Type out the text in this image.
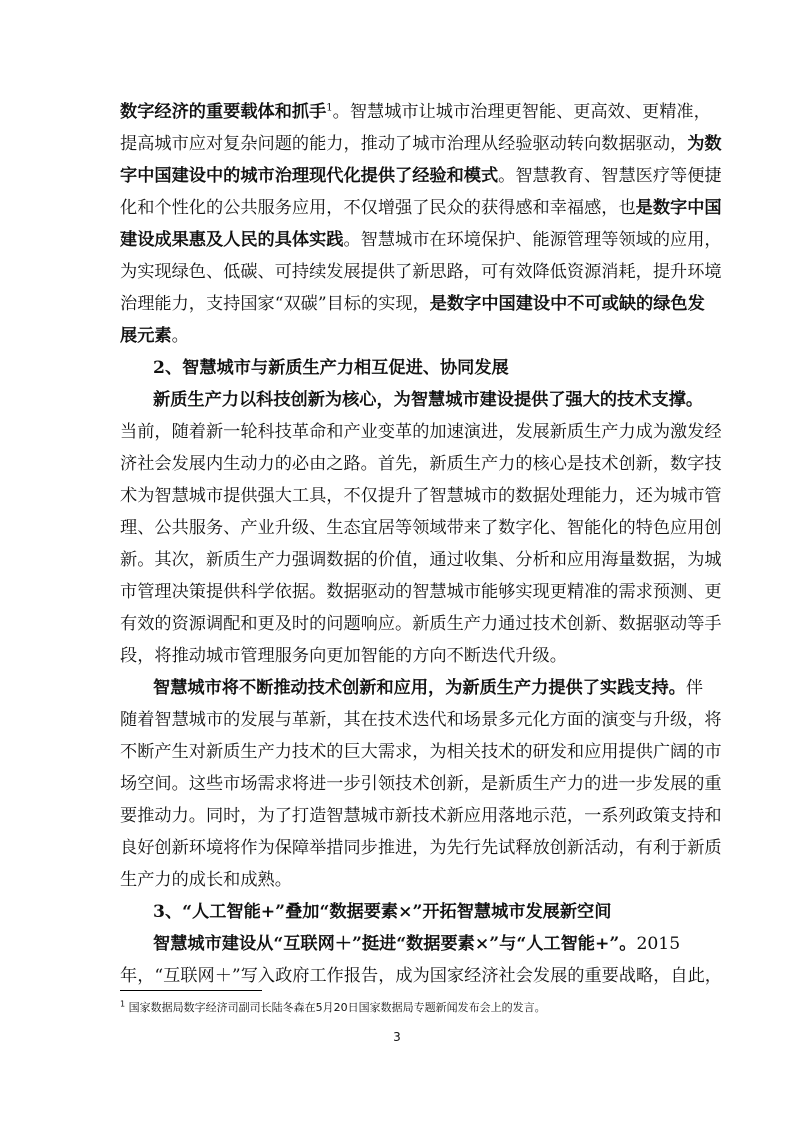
数字经济的重要载体和抓手$^1$。智慧城市让城市治理更智能、更高效、更精准，
提高城市应对复杂问题的能力，推动了城市治理从经验驱动转向数据驱动，为数
字中国建设中的城市治理现代化提供了经验和模式。智慧教育、智慧医疗等便捷
化和个性化的公共服务应用，不仅增强了民众的获得感和幸福感，也是数字中国
建设成果惠及人民的具体实践。智慧城市在环境保护、能源管理等领域的应用，
为实现绿色、低碳、可持续发展提供了新思路，可有效降低资源消耗，提升环境
治理能力，支持国家“双碳”目标的实现，是数字中国建设中不可或缺的绿色发
展元素。
2、智慧城市与新质生产力相互促进、协同发展
新质生产力以科技创新为核心，为智慧城市建设提供了强大的技术支撑。
当前，随着新一轮科技革命和产业变革的加速演进，发展新质生产力成为激发经
济社会发展内生动力的必由之路。首先，新质生产力的核心是技术创新，数字技
术为智慧城市提供强大工具，不仅提升了智慧城市的数据处理能力，还为城市管
理、公共服务、产业升级、生态宜居等领域带来了数字化、智能化的特色应用创
新。其次，新质生产力强调数据的价值，通过收集、分析和应用海量数据，为城
市管理决策提供科学依据。数据驱动的智慧城市能够实现更精准的需求预测、更
有效的资源调配和更及时的问题响应。新质生产力通过技术创新、数据驱动等手
段，将推动城市管理服务向更加智能的方向不断迭代升级。
智慧城市将不断推动技术创新和应用，为新质生产力提供了实践支持。伴
随着智慧城市的发展与革新，其在技术迭代和场景多元化方面的演变与升级，将
不断产生对新质生产力技术的巨大需求，为相关技术的研发和应用提供广阔的市
场空间。这些市场需求将进一步引领技术创新，是新质生产力的进一步发展的重
要推动力。同时，为了打造智慧城市新技术新应用落地示范，一系列政策支持和
良好创新环境将作为保障举措同步推进，为先行先试释放创新活动，有利于新质
生产力的成长和成熟。
3、“人工智能+”叠加“数据要素×”开拓智慧城市发展新空间
智慧城市建设从“互联网＋”挺进“数据要素×”与“人工智能+”。2015
年，“互联网＋”写入政府工作报告，成为国家经济社会发展的重要战略，自此，
$^1$ 国家数据局数字经济司副司长陆冬森在5月20日国家数据局专题新闻发布会上的发言。
3
